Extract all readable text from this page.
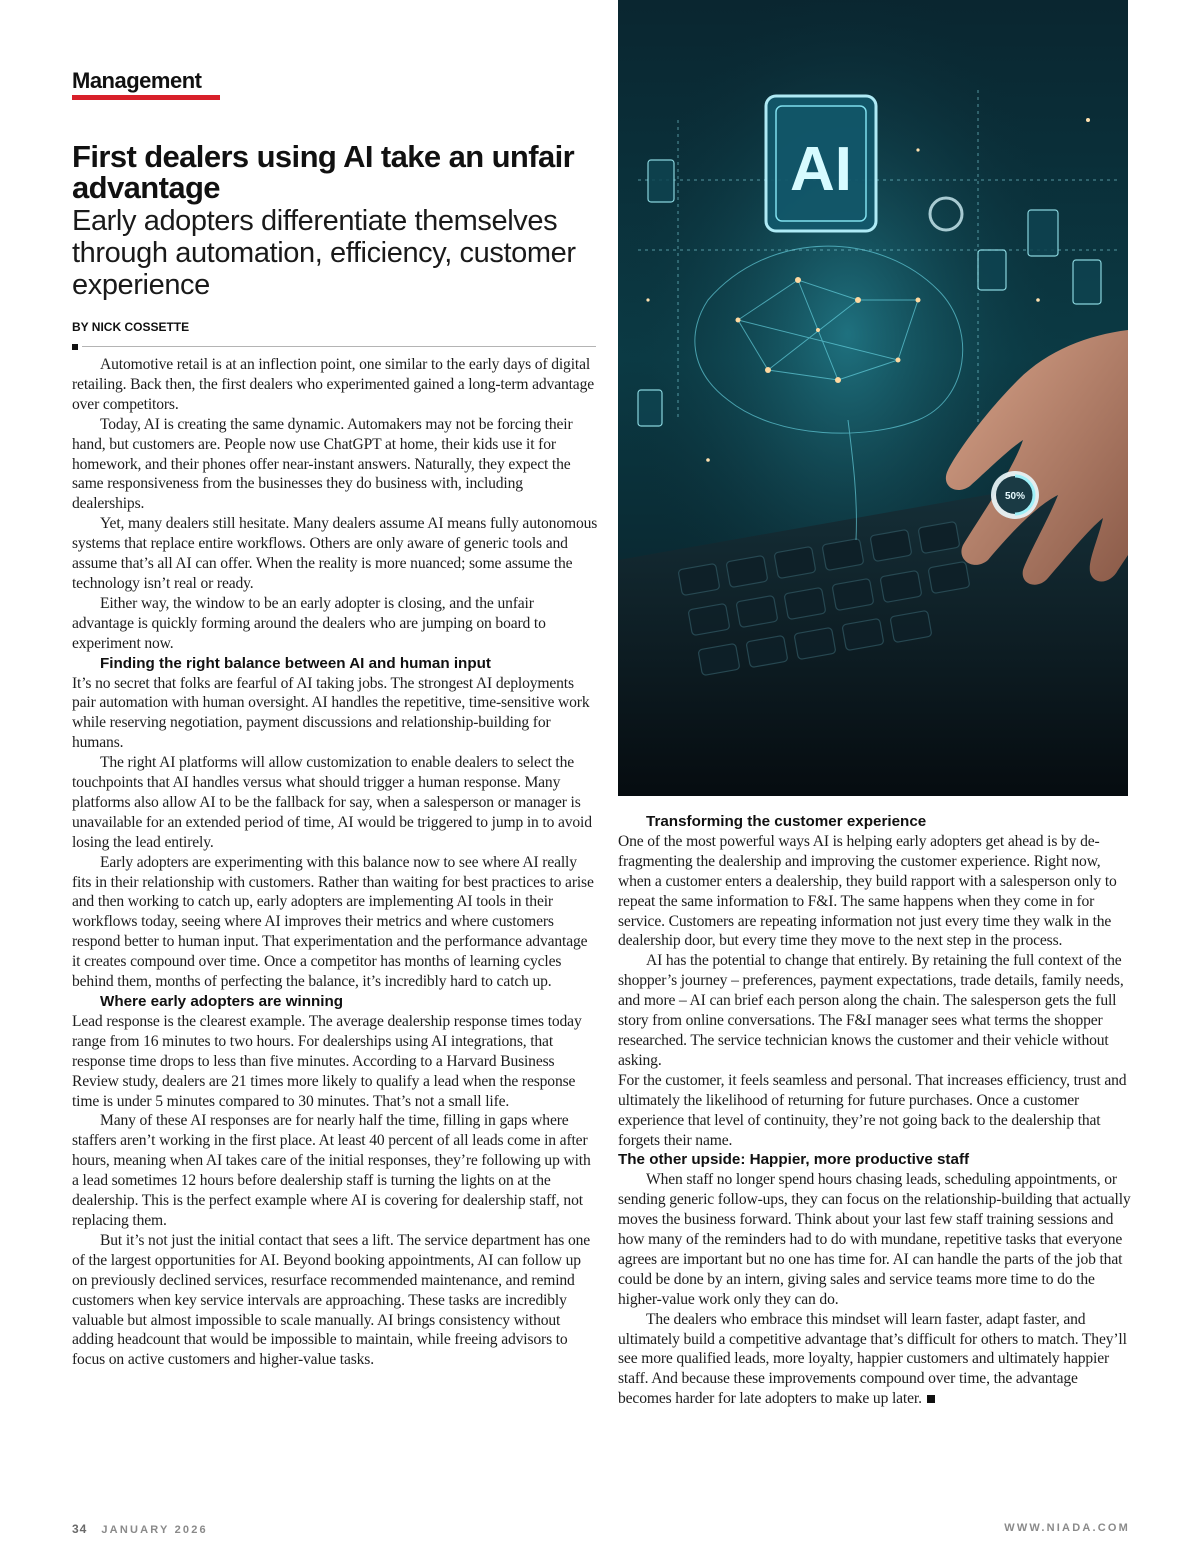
Management
First dealers using AI take an unfair advantage
Early adopters differentiate themselves through automation, efficiency, customer experience
BY NICK COSSETTE

Automotive retail is at an inflection point, one similar to the early days of digital retailing. Back then, the first dealers who experimented gained a long-term advantage over competitors.

Today, AI is creating the same dynamic. Automakers may not be forcing their hand, but customers are. People now use ChatGPT at home, their kids use it for homework, and their phones offer near-instant answers. Naturally, they expect the same responsiveness from the businesses they do business with, including dealerships.

Yet, many dealers still hesitate. Many dealers assume AI means fully autonomous systems that replace entire workflows. Others are only aware of generic tools and assume that’s all AI can offer. When the reality is more nuanced; some assume the technology isn’t real or ready.

Either way, the window to be an early adopter is closing, and the unfair advantage is quickly forming around the dealers who are jumping on board to experiment now.

Finding the right balance between AI and human input

It’s no secret that folks are fearful of AI taking jobs. The strongest AI deployments pair automation with human oversight. AI handles the repetitive, time-sensitive work while reserving negotiation, payment discussions and relationship-building for humans.

The right AI platforms will allow customization to enable dealers to select the touchpoints that AI handles versus what should trigger a human response. Many platforms also allow AI to be the fallback for say, when a salesperson or manager is unavailable for an extended period of time, AI would be triggered to jump in to avoid losing the lead entirely.

Early adopters are experimenting with this balance now to see where AI really fits in their relationship with customers. Rather than waiting for best practices to arise and then working to catch up, early adopters are implementing AI tools in their workflows today, seeing where AI improves their metrics and where customers respond better to human input. That experimentation and the performance advantage it creates compound over time. Once a competitor has months of learning cycles behind them, months of perfecting the balance, it’s incredibly hard to catch up.

Where early adopters are winning

Lead response is the clearest example. The average dealership response times today range from 16 minutes to two hours. For dealerships using AI integrations, that response time drops to less than five minutes. According to a Harvard Business Review study, dealers are 21 times more likely to qualify a lead when the response time is under 5 minutes compared to 30 minutes. That’s not a small life.

Many of these AI responses are for nearly half the time, filling in gaps where staffers aren’t working in the first place. At least 40 percent of all leads come in after hours, meaning when AI takes care of the initial responses, they’re following up with a lead sometimes 12 hours before dealership staff is turning the lights on at the dealership. This is the perfect example where AI is covering for dealership staff, not replacing them.

But it’s not just the initial contact that sees a lift. The service department has one of the largest opportunities for AI. Beyond booking appointments, AI can follow up on previously declined services, resurface recommended maintenance, and remind customers when key service intervals are approaching. These tasks are incredibly valuable but almost impossible to scale manually. AI brings consistency without adding headcount that would be impossible to maintain, while freeing advisors to focus on active customers and higher-value tasks.

AI
50%
Transforming the customer experience

One of the most powerful ways AI is helping early adopters get ahead is by de-fragmenting the dealership and improving the customer experience. Right now, when a customer enters a dealership, they build rapport with a salesperson only to repeat the same information to F&I. The same happens when they come in for service. Customers are repeating information not just every time they walk in the dealership door, but every time they move to the next step in the process.

AI has the potential to change that entirely. By retaining the full context of the shopper’s journey – preferences, payment expectations, trade details, family needs, and more – AI can brief each person along the chain. The salesperson gets the full story from online conversations. The F&I manager sees what terms the shopper researched. The service technician knows the customer and their vehicle without asking.

For the customer, it feels seamless and personal. That increases efficiency, trust and ultimately the likelihood of returning for future purchases. Once a customer experience that level of continuity, they’re not going back to the dealership that forgets their name.

The other upside: Happier, more productive staff

When staff no longer spend hours chasing leads, scheduling appointments, or sending generic follow-ups, they can focus on the relationship-building that actually moves the business forward. Think about your last few staff training sessions and how many of the reminders had to do with mundane, repetitive tasks that everyone agrees are important but no one has time for. AI can handle the parts of the job that could be done by an intern, giving sales and service teams more time to do the higher-value work only they can do.

The dealers who embrace this mindset will learn faster, adapt faster, and ultimately build a competitive advantage that’s difficult for others to match. They’ll see more qualified leads, more loyalty, happier customers and ultimately happier staff. And because these improvements compound over time, the advantage becomes harder for late adopters to make up later.

34 JANUARY 2026	WWW.NIADA.COM
